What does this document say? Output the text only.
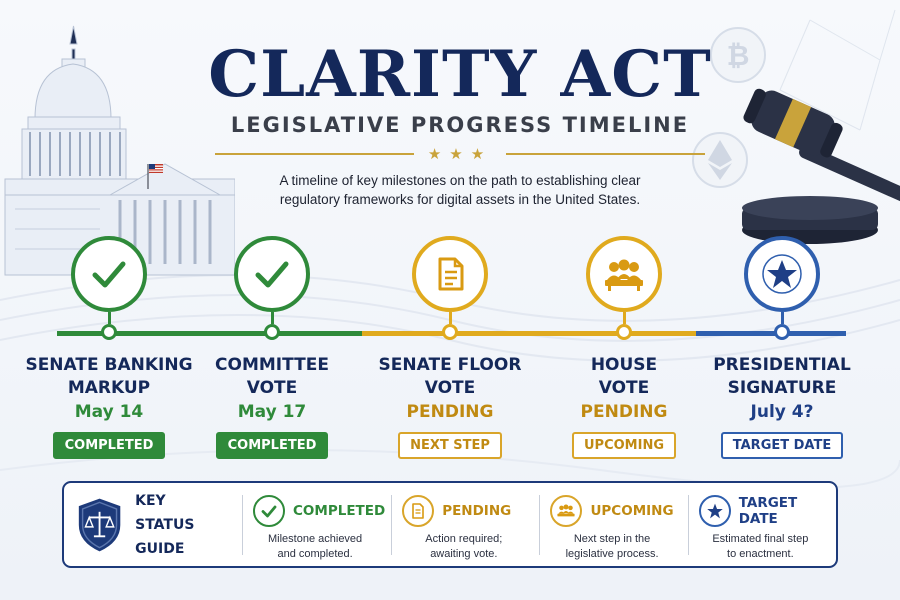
₿
CLARITY ACT
LEGISLATIVE PROGRESS TIMELINE
★★★
A timeline of key milestones on the path to establishing clear regulatory frameworks for digital assets in the United States.
SENATE BANKING
MARKUP
May 14
COMPLETED
COMMITTEE
VOTE
May 17
COMPLETED
SENATE FLOOR
VOTE
PENDING
NEXT STEP
HOUSE
VOTE
PENDING
UPCOMING
PRESIDENTIAL
SIGNATURE
July 4?
TARGET DATE
KEY
STATUS GUIDE
COMPLETED
Milestone achieved
and completed.
PENDING
Action required;
awaiting vote.
UPCOMING
Next step in the
legislative process.
TARGET DATE
Estimated final step
to enactment.
